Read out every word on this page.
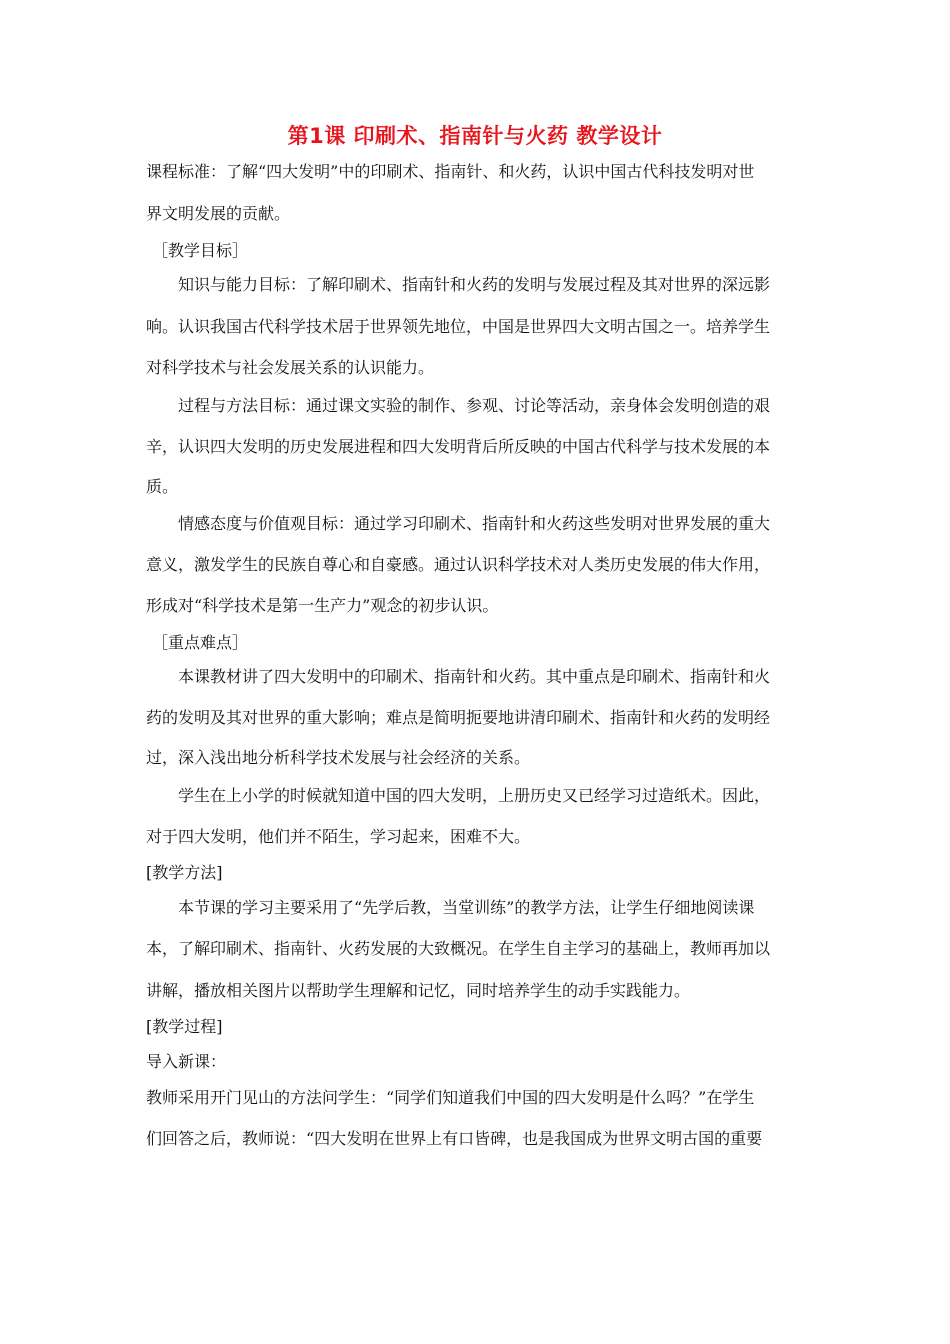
第1课 印刷术、指南针与火药 教学设计
课程标准：了解“四大发明”中的印刷术、指南针、和火药，认识中国古代科技发明对世
界文明发展的贡献。
［教学目标］
知识与能力目标：了解印刷术、指南针和火药的发明与发展过程及其对世界的深远影
响。认识我国古代科学技术居于世界领先地位，中国是世界四大文明古国之一。培养学生
对科学技术与社会发展关系的认识能力。
过程与方法目标：通过课文实验的制作、参观、讨论等活动，亲身体会发明创造的艰
辛，认识四大发明的历史发展进程和四大发明背后所反映的中国古代科学与技术发展的本
质。
情感态度与价值观目标：通过学习印刷术、指南针和火药这些发明对世界发展的重大
意义，激发学生的民族自尊心和自豪感。通过认识科学技术对人类历史发展的伟大作用，
形成对“科学技术是第一生产力”观念的初步认识。
［重点难点］
本课教材讲了四大发明中的印刷术、指南针和火药。其中重点是印刷术、指南针和火
药的发明及其对世界的重大影响；难点是简明扼要地讲清印刷术、指南针和火药的发明经
过，深入浅出地分析科学技术发展与社会经济的关系。
学生在上小学的时候就知道中国的四大发明，上册历史又已经学习过造纸术。因此，
对于四大发明，他们并不陌生，学习起来，困难不大。
[教学方法]
本节课的学习主要采用了“先学后教，当堂训练”的教学方法，让学生仔细地阅读课
本，了解印刷术、指南针、火药发展的大致概况。在学生自主学习的基础上，教师再加以
讲解，播放相关图片以帮助学生理解和记忆，同时培养学生的动手实践能力。
[教学过程]
导入新课：
教师采用开门见山的方法问学生：“同学们知道我们中国的四大发明是什么吗？”在学生
们回答之后，教师说：“四大发明在世界上有口皆碑，也是我国成为世界文明古国的重要
